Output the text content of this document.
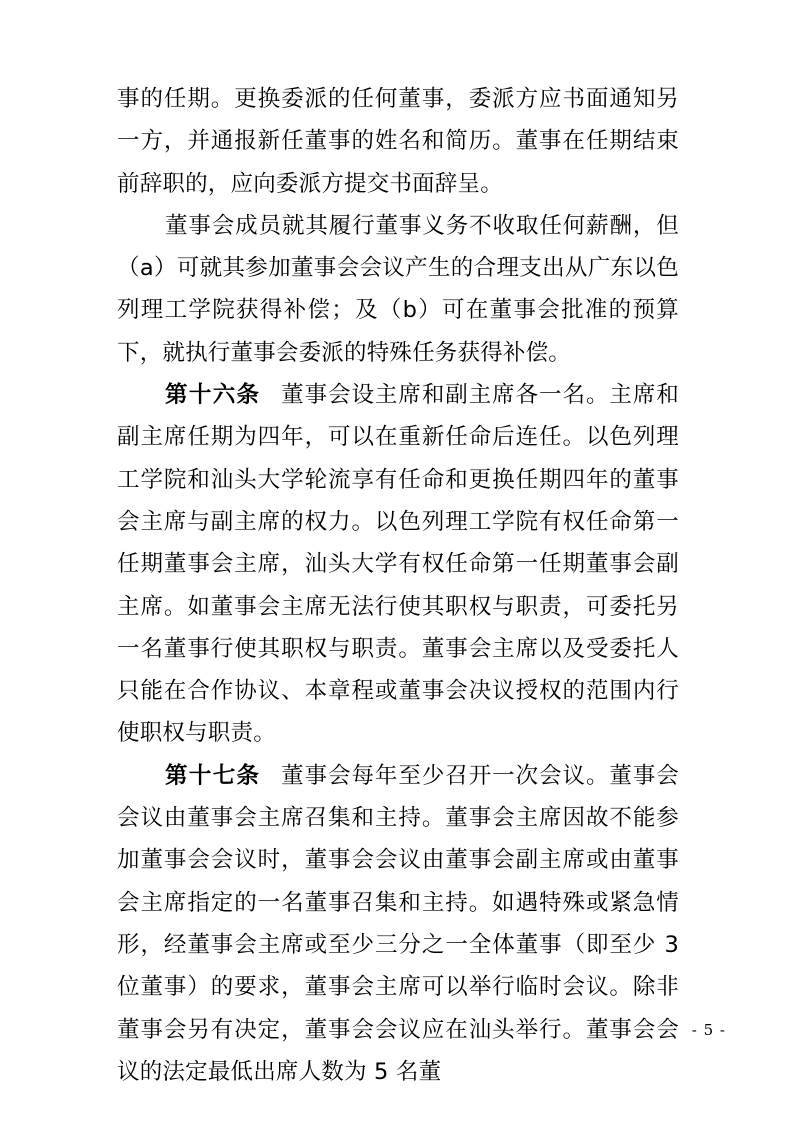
事的任期。更换委派的任何董事，委派方应书面通知另一方，并通报新任董事的姓名和简历。董事在任期结束前辞职的，应向委派方提交书面辞呈。

董事会成员就其履行董事义务不收取任何薪酬，但（a）可就其参加董事会会议产生的合理支出从广东以色列理工学院获得补偿；及（b）可在董事会批准的预算下，就执行董事会委派的特殊任务获得补偿。

第十六条 董事会设主席和副主席各一名。主席和副主席任期为四年，可以在重新任命后连任。以色列理工学院和汕头大学轮流享有任命和更换任期四年的董事会主席与副主席的权力。以色列理工学院有权任命第一任期董事会主席，汕头大学有权任命第一任期董事会副主席。如董事会主席无法行使其职权与职责，可委托另一名董事行使其职权与职责。董事会主席以及受委托人只能在合作协议、本章程或董事会决议授权的范围内行使职权与职责。

第十七条 董事会每年至少召开一次会议。董事会会议由董事会主席召集和主持。董事会主席因故不能参加董事会会议时，董事会会议由董事会副主席或由董事会主席指定的一名董事召集和主持。如遇特殊或紧急情形，经董事会主席或至少三分之一全体董事（即至少 3 位董事）的要求，董事会主席可以举行临时会议。除非董事会另有决定，董事会会议应在汕头举行。董事会会议的法定最低出席人数为 5 名董

- 5 -
